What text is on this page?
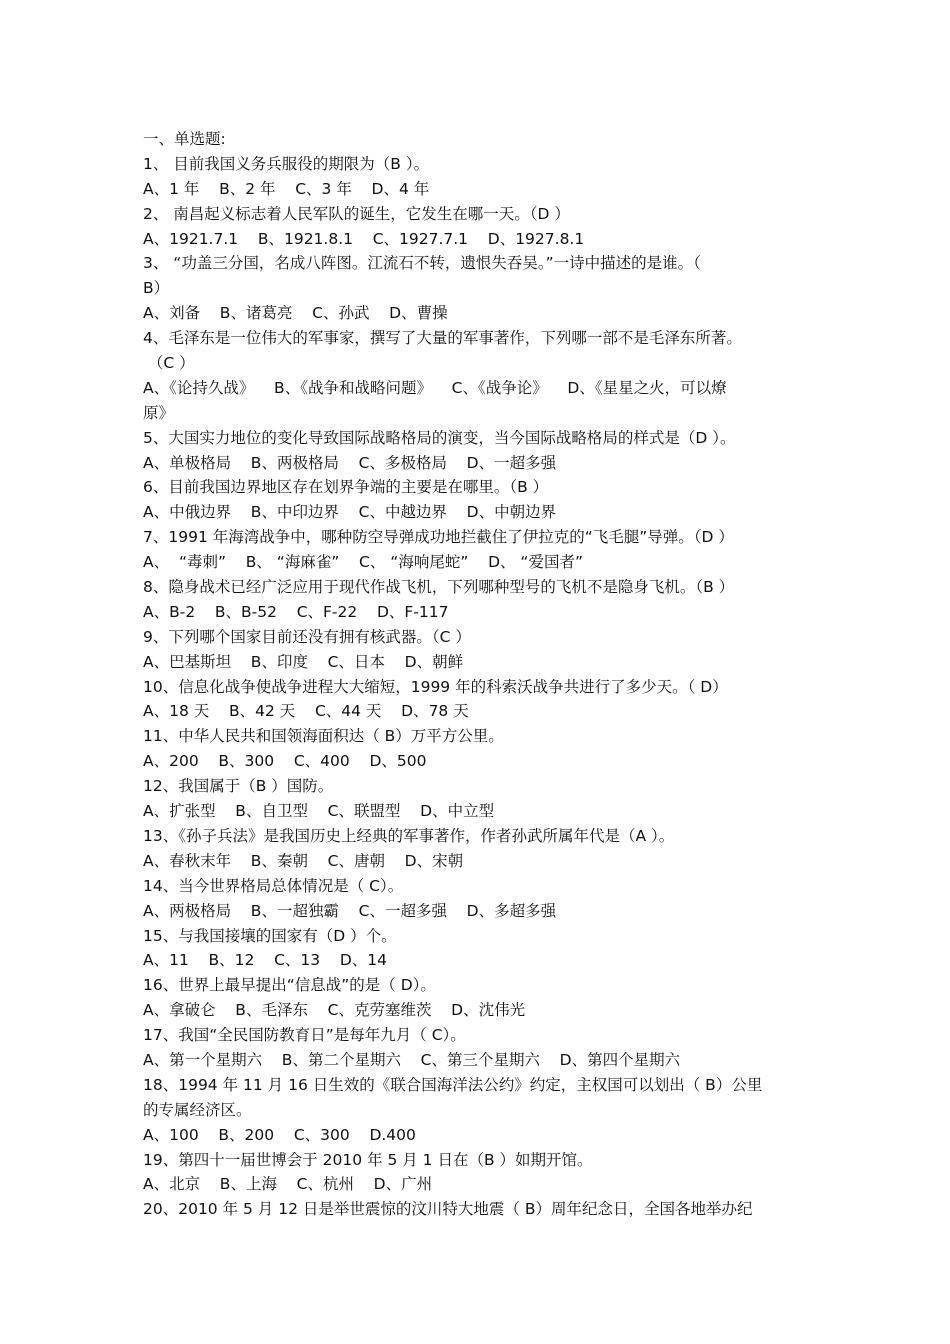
一、单选题:
1、 目前我国义务兵服役的期限为（B ）。
A、1 年    B、2 年    C、3 年    D、4 年
2、 南昌起义标志着人民军队的诞生，它发生在哪一天。（D ）
A、1921.7.1    B、1921.8.1    C、1927.7.1    D、1927.8.1
3、 “功盖三分国，名成八阵图。江流石不转，遗恨失吞吴。”一诗中描述的是谁。（
B）
A、刘备    B、诸葛亮    C、孙武    D、曹操
4、毛泽东是一位伟大的军事家，撰写了大量的军事著作，下列哪一部不是毛泽东所著。
（C ）
A、《论持久战》    B、《战争和战略问题》    C、《战争论》    D、《星星之火，可以燎
原》
5、大国实力地位的变化导致国际战略格局的演变，当今国际战略格局的样式是（D ）。
A、单极格局    B、两极格局    C、多极格局    D、一超多强
6、目前我国边界地区存在划界争端的主要是在哪里。（B ）
A、中俄边界    B、中印边界    C、中越边界    D、中朝边界
7、1991 年海湾战争中，哪种防空导弹成功地拦截住了伊拉克的“飞毛腿”导弹。（D ）
A、  “毒刺”    B、 “海麻雀”    C、 “海响尾蛇”    D、 “爱国者”
8、隐身战术已经广泛应用于现代作战飞机，下列哪种型号的飞机不是隐身飞机。（B ）
A、B-2    B、B-52    C、F-22    D、F-117
9、下列哪个国家目前还没有拥有核武器。（C ）
A、巴基斯坦    B、印度    C、日本    D、朝鲜
10、信息化战争使战争进程大大缩短，1999 年的科索沃战争共进行了多少天。（ D）
A、18 天    B、42 天    C、44 天    D、78 天
11、中华人民共和国领海面积达（ B）万平方公里。
A、200    B、300    C、400    D、500
12、我国属于（B ）国防。
A、扩张型    B、自卫型    C、联盟型    D、中立型
13、《孙子兵法》是我国历史上经典的军事著作，作者孙武所属年代是（A ）。
A、春秋末年    B、秦朝    C、唐朝    D、宋朝
14、当今世界格局总体情况是（ C）。
A、两极格局    B、一超独霸    C、一超多强    D、多超多强
15、与我国接壤的国家有（D ）个。
A、11    B、12    C、13    D、14
16、世界上最早提出“信息战”的是（ D）。
A、拿破仑    B、毛泽东    C、克劳塞维茨    D、沈伟光
17、我国“全民国防教育日”是每年九月（ C）。
A、第一个星期六    B、第二个星期六    C、第三个星期六    D、第四个星期六
18、1994 年 11 月 16 日生效的《联合国海洋法公约》约定，主权国可以划出（ B）公里
的专属经济区。
A、100    B、200    C、300    D.400
19、第四十一届世博会于 2010 年 5 月 1 日在（B ）如期开馆。
A、北京    B、上海    C、杭州    D、广州
20、2010 年 5 月 12 日是举世震惊的汶川特大地震（ B）周年纪念日，全国各地举办纪
